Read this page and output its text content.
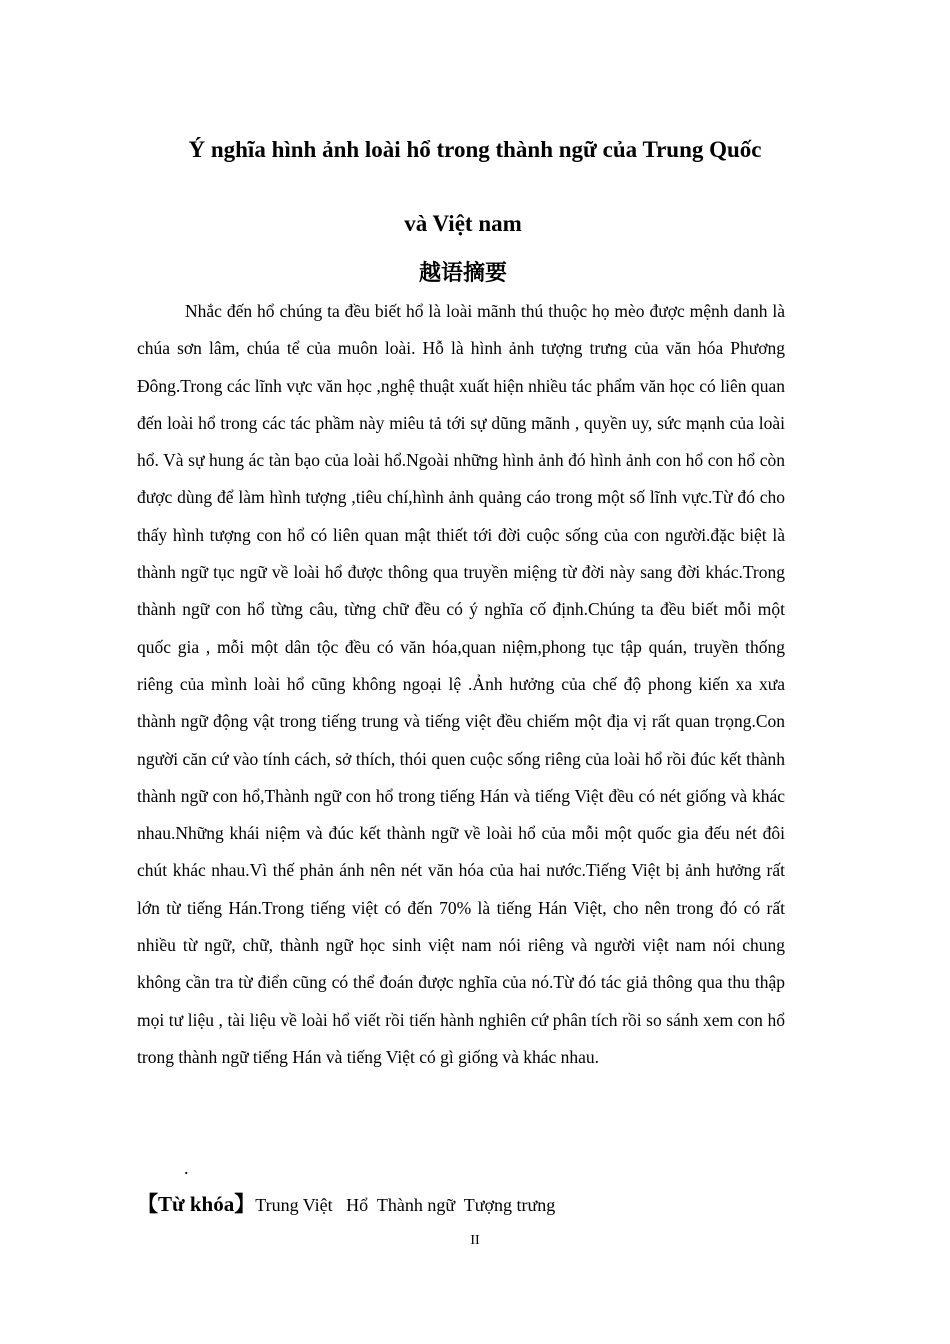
Ý nghĩa hình ảnh loài hổ trong thành ngữ của Trung Quốc
và Việt nam
越语摘要

Nhắc đến hổ chúng ta đều biết hổ là loài mãnh thú thuộc họ mèo được mệnh danh là chúa sơn lâm, chúa tể của muôn loài. Hỗ là hình ảnh tượng trưng của văn hóa Phương Đông.Trong các lĩnh vực văn học ,nghệ thuật xuất hiện nhiều tác phẩm văn học có liên quan đến loài hổ trong các tác phầm này miêu tả tới sự dũng mãnh , quyền uy, sức mạnh của loài hổ. Và sự hung ác tàn bạo của loài hổ.Ngoài những hình ảnh đó hình ảnh con hổ con hổ còn được dùng để làm hình tượng ,tiêu chí,hình ảnh quảng cáo trong một số lĩnh vực.Từ đó cho thấy hình tượng con hổ có liên quan mật thiết tới đời cuộc sống của con người.đặc biệt là thành ngữ tục ngữ về loài hổ được thông qua truyền miệng từ đời này sang đời khác.Trong thành ngữ con hổ từng câu, từng chữ đều có ý nghĩa cố định.Chúng ta đều biết mỗi một quốc gia , mỗi một dân tộc đều có văn hóa,quan niệm,phong tục tập quán, truyền thống riêng của mình loài hổ cũng không ngoại lệ .Ảnh hưởng của chế độ phong kiến xa xưa thành ngữ động vật trong tiếng trung và tiếng việt đều chiếm một địa vị rất quan trọng.Con người căn cứ vào tính cách, sở thích, thói quen cuộc sống riêng của loài hổ rồi đúc kết thành thành ngữ con hổ,Thành ngữ con hổ trong tiếng Hán và tiếng Việt đều có nét giống và khác nhau.Những khái niệm và đúc kết thành ngữ về loài hổ của mỗi một quốc gia đếu nét đôi chút khác nhau.Vì thế phản ánh nên nét văn hóa của hai nước.Tiếng Việt bị ảnh hưởng rất lớn từ tiếng Hán.Trong tiếng việt có đến 70% là tiếng Hán Việt, cho nên trong đó có rất nhiều từ ngữ, chữ, thành ngữ học sinh việt nam nói riêng và người việt nam nói chung không cần tra từ điển cũng có thể đoán được nghĩa của nó.Từ đó tác giả thông qua thu thập mọi tư liệu , tài liệu về loài hổ viết rồi tiến hành nghiên cứ phân tích rồi so sánh xem con hổ trong thành ngữ tiếng Hán và tiếng Việt có gì giống và khác nhau.

.
【Từ khóa】Trung Việt   Hổ  Thành ngữ  Tượng trưng
II
